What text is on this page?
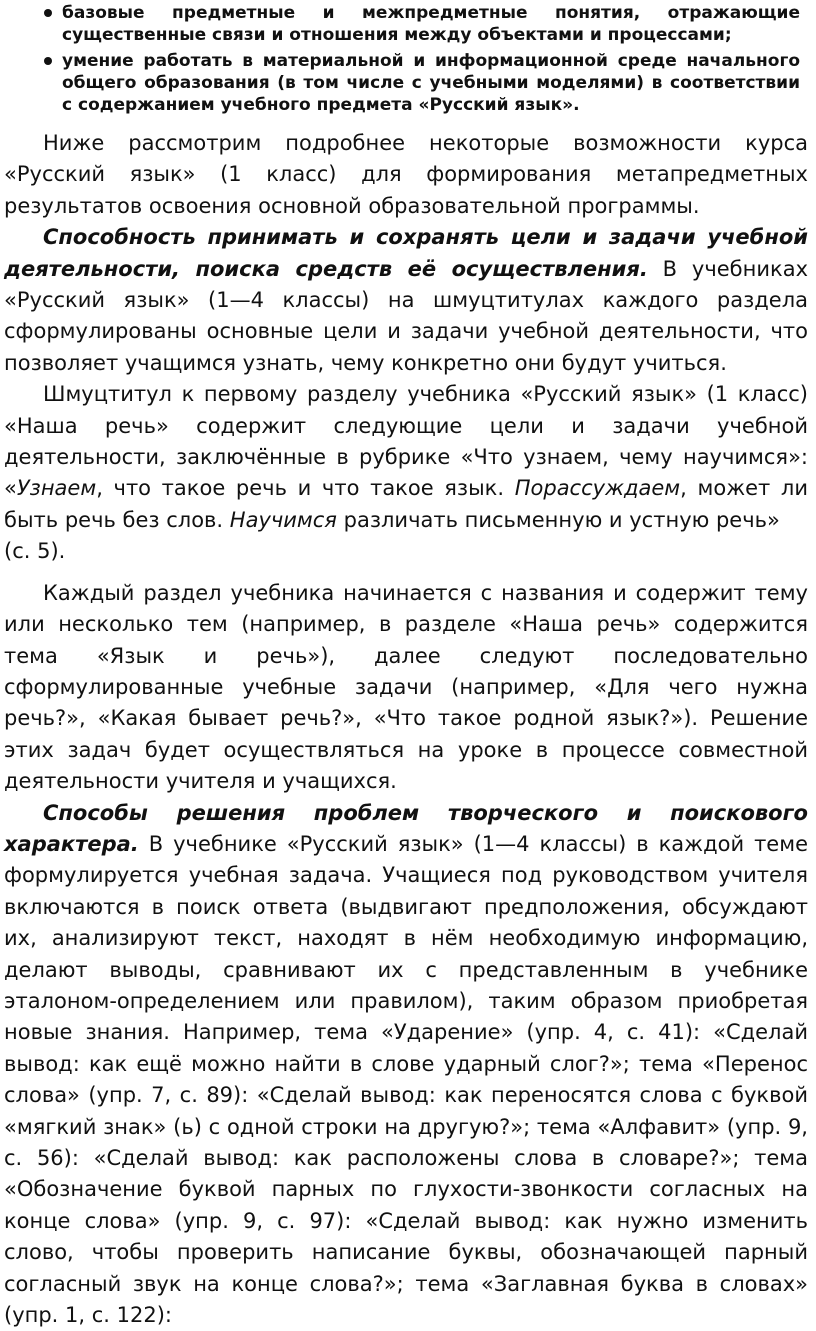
базовые предметные и межпредметные понятия, отражающие существенные связи и отношения между объектами и процессами;
умение работать в материальной и информационной среде начального общего образования (в том числе с учебными моделями) в соответствии с содержанием учебного предмета «Русский язык».

Ниже рассмотрим подробнее некоторые возможности курса «Русский язык» (1 класс) для формирования метапредметных результатов освоения основной образовательной программы.

Способность принимать и сохранять цели и задачи учебной деятельности, поиска средств её осуществления. В учебниках «Русский язык» (1—4 классы) на шмуцтитулах каждого раздела сформулированы основные цели и задачи учебной деятельности, что позволяет учащимся узнать, чему конкретно они будут учиться.

Шмуцтитул к первому разделу учебника «Русский язык» (1 класс) «Наша речь» содержит следующие цели и задачи учебной деятельности, заключённые в рубрике «Что узнаем, чему научимся»: «Узнаем, что такое речь и что такое язык. Порассуждаем, может ли быть речь без слов. Научимся различать письменную и устную речь»

(с. 5).

Каждый раздел учебника начинается с названия и содержит тему или несколько тем (например, в разделе «Наша речь» содержится тема «Язык и речь»), далее следуют последовательно сформулированные учебные задачи (например, «Для чего нужна речь?», «Какая бывает речь?», «Что такое родной язык?»). Решение этих задач будет осуществляться на уроке в процессе совместной деятельности учителя и учащихся.

Способы решения проблем творческого и поискового характера. В учебнике «Русский язык» (1—4 классы) в каждой теме формулируется учебная задача. Учащиеся под руководством учителя включаются в поиск ответа (выдвигают предположения, обсуждают их, анализируют текст, находят в нём необходимую информацию, делают выводы, сравнивают их с представленным в учебнике эталоном-определением или правилом), таким образом приобретая новые знания. Например, тема «Ударение» (упр. 4, с. 41): «Сделай вывод: как ещё можно найти в слове ударный слог?»; тема «Перенос слова» (упр. 7, с. 89): «Сделай вывод: как переносятся слова с буквой «мягкий знак» (ь) с одной строки на другую?»; тема «Алфавит» (упр. 9, с. 56): «Сделай вывод: как расположены слова в словаре?»; тема «Обозначение буквой парных по глухости-звонкости согласных на конце слова» (упр. 9, с. 97): «Сделай вывод: как нужно изменить слово, чтобы проверить написание буквы, обозначающей парный согласный звук на конце слова?»; тема «Заглавная буква в словах» (упр. 1, с. 122):
